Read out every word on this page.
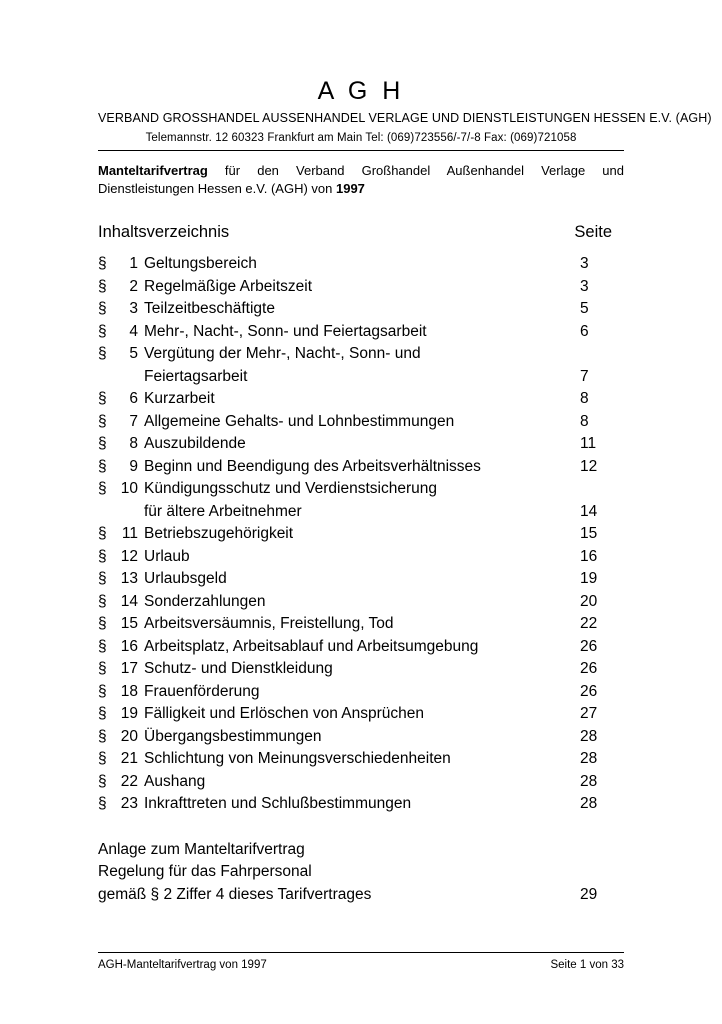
A G H
VERBAND GROSSHANDEL AUSSENHANDEL VERLAGE UND DIENSTLEISTUNGEN HESSEN E.V. (AGH)
Telemannstr. 12 60323 Frankfurt am Main Tel: (069)723556/-7/-8 Fax: (069)721058
Manteltarifvertrag für den Verband Großhandel Außenhandel Verlage und Dienstleistungen Hessen e.V. (AGH) von 1997
Inhaltsverzeichnis	Seite
§ 1 Geltungsbereich	3
§ 2 Regelmäßige Arbeitszeit	3
§ 3 Teilzeitbeschäftigte	5
§ 4 Mehr-, Nacht-, Sonn- und Feiertagsarbeit	6
§ 5 Vergütung der Mehr-, Nacht-, Sonn- und
Feiertagsarbeit	7
§ 6 Kurzarbeit	8
§ 7 Allgemeine Gehalts- und Lohnbestimmungen	8
§ 8 Auszubildende	11
§ 9 Beginn und Beendigung des Arbeitsverhältnisses	12
§ 10 Kündigungsschutz und Verdienstsicherung
für ältere Arbeitnehmer	14
§ 11 Betriebszugehörigkeit	15
§ 12 Urlaub	16
§ 13 Urlaubsgeld	19
§ 14 Sonderzahlungen	20
§ 15 Arbeitsversäumnis, Freistellung, Tod	22
§ 16 Arbeitsplatz, Arbeitsablauf und Arbeitsumgebung	26
§ 17 Schutz- und Dienstkleidung	26
§ 18 Frauenförderung	26
§ 19 Fälligkeit und Erlöschen von Ansprüchen	27
§ 20 Übergangsbestimmungen	28
§ 21 Schlichtung von Meinungsverschiedenheiten	28
§ 22 Aushang	28
§ 23 Inkrafttreten und Schlußbestimmungen	28
Anlage zum Manteltarifvertrag
Regelung für das Fahrpersonal
gemäß § 2 Ziffer 4 dieses Tarifvertrages	29
AGH-Manteltarifvertrag von 1997	Seite 1 von 33
